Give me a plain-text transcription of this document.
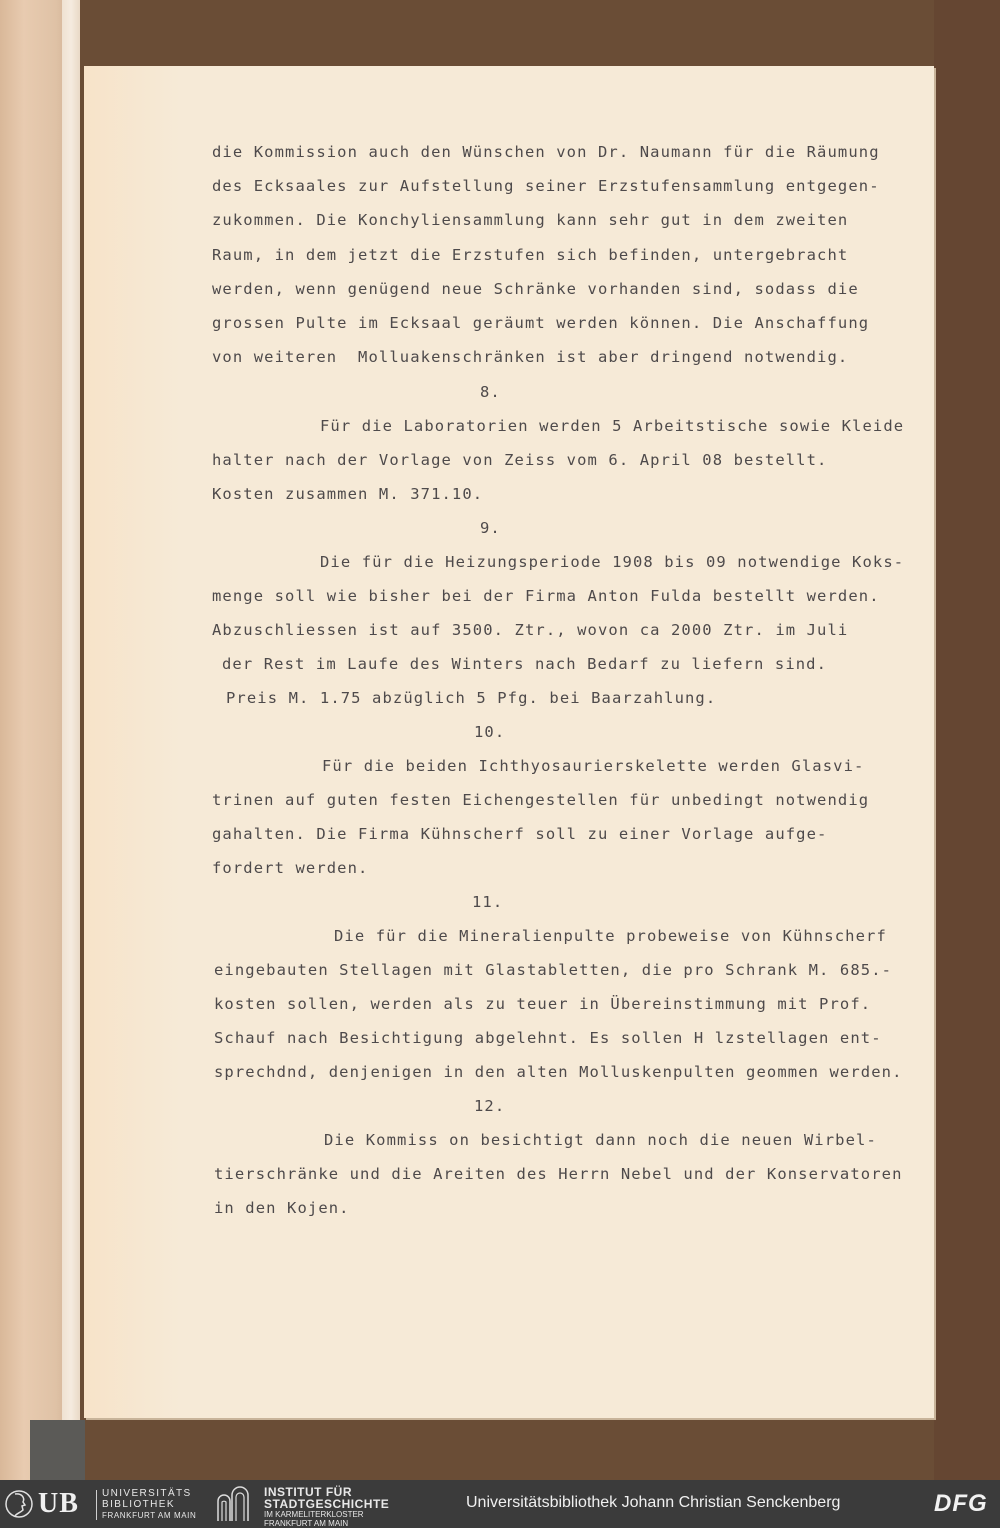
die Kommission auch den Wünschen von Dr. Naumann für die Räumung
des Ecksaales zur Aufstellung seiner Erzstufensammlung entgegen-
zukommen. Die Konchyliensammlung kann sehr gut in dem zweiten
Raum, in dem jetzt die Erzstufen sich befinden, untergebracht
werden, wenn genügend neue Schränke vorhanden sind, sodass die
grossen Pulte im Ecksaal geräumt werden können. Die Anschaffung
von weiteren  Molluakenschränken ist aber dringend notwendig.
8.
Für die Laboratorien werden 5 Arbeitstische sowie Kleide
halter nach der Vorlage von Zeiss vom 6. April 08 bestellt.
Kosten zusammen M. 371.10.
9.
Die für die Heizungsperiode 1908 bis 09 notwendige Koks-
menge soll wie bisher bei der Firma Anton Fulda bestellt werden.
Abzuschliessen ist auf 3500. Ztr., wovon ca 2000 Ztr. im Juli
der Rest im Laufe des Winters nach Bedarf zu liefern sind.
Preis M. 1.75 abzüglich 5 Pfg. bei Baarzahlung.
10.
Für die beiden Ichthyosaurierskelette werden Glasvi-
trinen auf guten festen Eichengestellen für unbedingt notwendig
gahalten. Die Firma Kühnscherf soll zu einer Vorlage aufge-
fordert werden.
11.
Die für die Mineralienpulte probeweise von Kühnscherf
eingebauten Stellagen mit Glastabletten, die pro Schrank M. 685.-
kosten sollen, werden als zu teuer in Übereinstimmung mit Prof.
Schauf nach Besichtigung abgelehnt. Es sollen H lzstellagen ent-
sprechdnd, denjenigen in den alten Molluskenpulten geommen werden.
12.
Die Kommiss on besichtigt dann noch die neuen Wirbel-
tierschränke und die Areiten des Herrn Nebel und der Konservatoren
in den Kojen.
UB UNIVERSITÄTS
BIBLIOTHEK
FRANKFURT AM MAIN
INSTITUT FÜR
STADTGESCHICHTE
IM KARMELITERKLOSTER
FRANKFURT AM MAIN
Universitätsbibliothek Johann Christian Senckenberg	DFG
